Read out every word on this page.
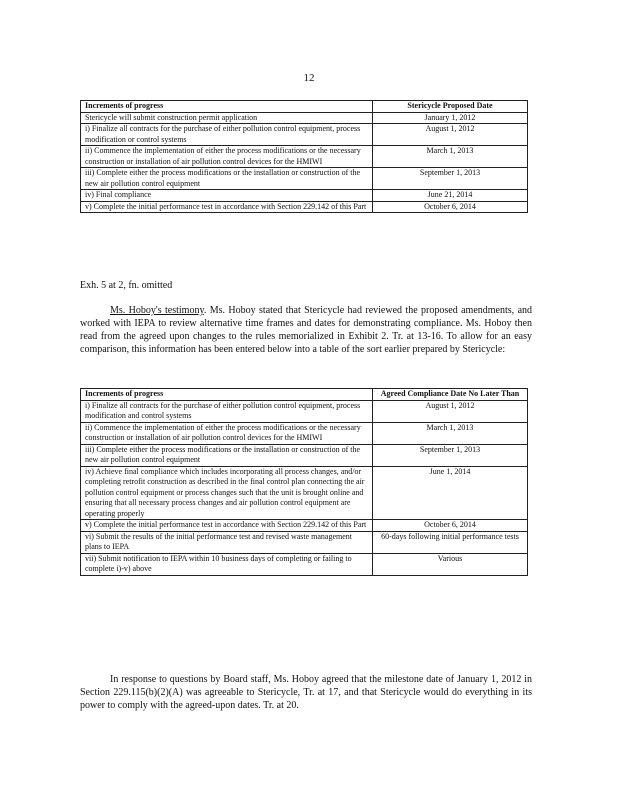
12
Increments of progress	Stericycle Proposed Date
Stericycle will submit construction permit application	January 1, 2012
i) Finalize all contracts for the purchase of either pollution control equipment, process modification or control systems	August 1, 2012
ii) Commence the implementation of either the process modifications or the necessary construction or installation of air pollution control devices for the HMIWI	March 1, 2013
iii) Complete either the process modifications or the installation or construction of the new air pollution control equipment	September 1, 2013
iv) Final compliance	June 21, 2014
v) Complete the initial performance test in accordance with Section 229.142 of this Part	October 6, 2014

Exh. 5 at 2, fn. omitted

Ms. Hoboy's testimony. Ms. Hoboy stated that Stericycle had reviewed the proposed amendments, and worked with IEPA to review alternative time frames and dates for demonstrating compliance. Ms. Hoboy then read from the agreed upon changes to the rules memorialized in Exhibit 2. Tr. at 13-16. To allow for an easy comparison, this information has been entered below into a table of the sort earlier prepared by Stericycle:

Increments of progress	Agreed Compliance Date No Later Than
i) Finalize all contracts for the purchase of either pollution control equipment, process modification and control systems	August 1, 2012
ii) Commence the implementation of either the process modifications or the necessary construction or installation of air pollution control devices for the HMIWI	March 1, 2013
iii) Complete either the process modifications or the installation or construction of the new air pollution control equipment	September 1, 2013
iv) Achieve final compliance which includes incorporating all process changes, and/or completing retrofit construction as described in the final control plan connecting the air pollution control equipment or process changes such that the unit is brought online and ensuring that all necessary process changes and air pollution control equipment are operating properly	June 1, 2014
v) Complete the initial performance test in accordance with Section 229.142 of this Part	October 6, 2014
vi) Submit the results of the initial performance test and revised waste management plans to IEPA	60-days following initial performance tests
vii) Submit notification to IEPA within 10 business days of completing or failing to complete i)-v) above	Various

In response to questions by Board staff, Ms. Hoboy agreed that the milestone date of January 1, 2012 in Section 229.115(b)(2)(A) was agreeable to Stericycle, Tr. at 17, and that Stericycle would do everything in its power to comply with the agreed-upon dates. Tr. at 20.
